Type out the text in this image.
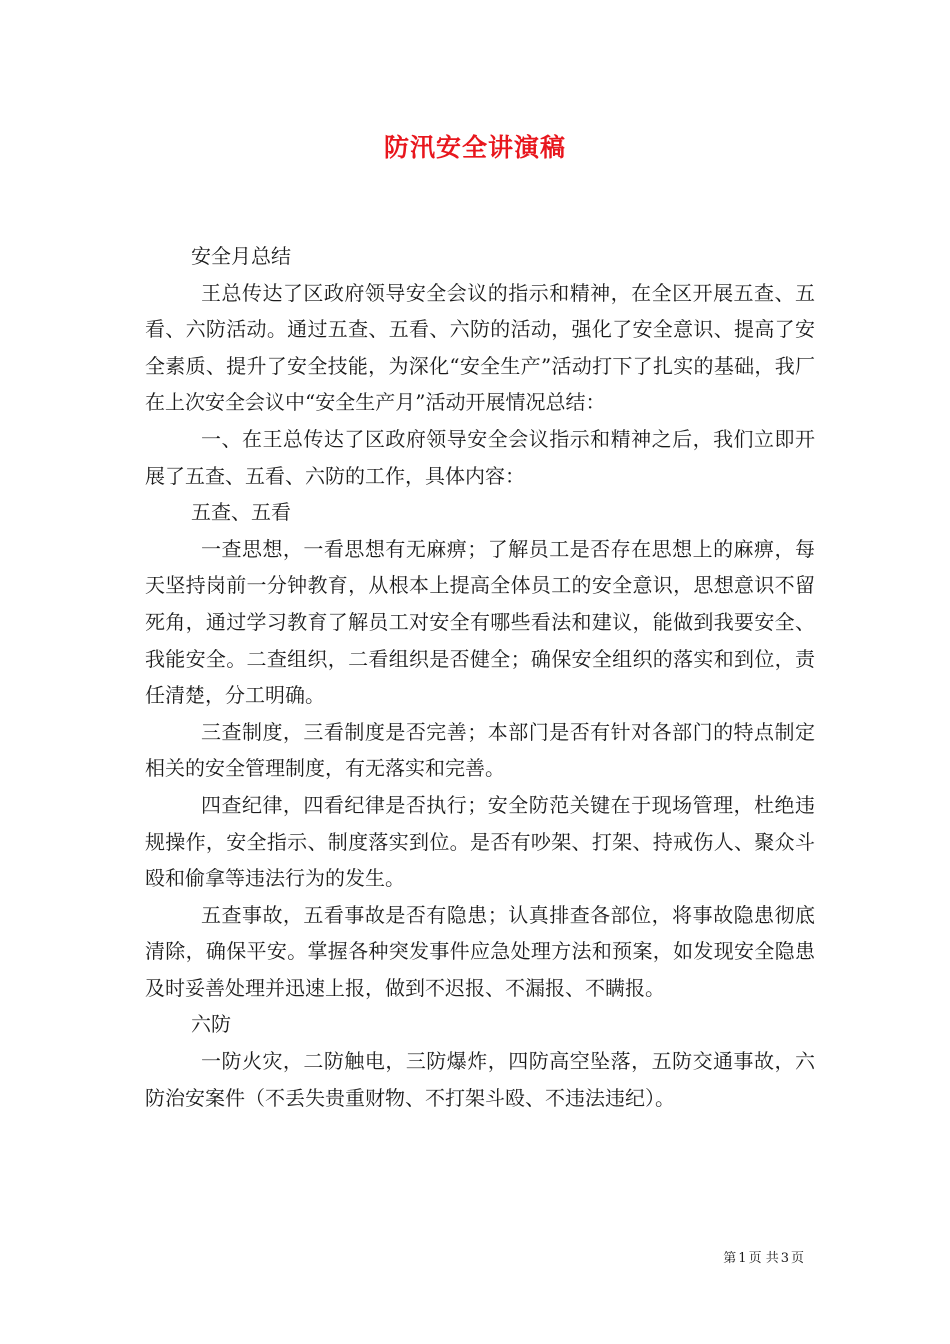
防汛安全讲演稿

安全月总结

王总传达了区政府领导安全会议的指示和精神，在全区开展五查、五看、六防活动。通过五查、五看、六防的活动，强化了安全意识、提高了安全素质、提升了安全技能，为深化“安全生产”活动打下了扎实的基础，我厂在上次安全会议中“安全生产月”活动开展情况总结：

一、在王总传达了区政府领导安全会议指示和精神之后，我们立即开展了五查、五看、六防的工作，具体内容：

五查、五看

一查思想，一看思想有无麻痹；了解员工是否存在思想上的麻痹，每天坚持岗前一分钟教育，从根本上提高全体员工的安全意识，思想意识不留死角，通过学习教育了解员工对安全有哪些看法和建议，能做到我要安全、我能安全。二查组织，二看组织是否健全；确保安全组织的落实和到位，责任清楚，分工明确。

三查制度，三看制度是否完善；本部门是否有针对各部门的特点制定相关的安全管理制度，有无落实和完善。

四查纪律，四看纪律是否执行；安全防范关键在于现场管理，杜绝违规操作，安全指示、制度落实到位。是否有吵架、打架、持戒伤人、聚众斗殴和偷拿等违法行为的发生。

五查事故，五看事故是否有隐患；认真排查各部位，将事故隐患彻底清除，确保平安。掌握各种突发事件应急处理方法和预案，如发现安全隐患及时妥善处理并迅速上报，做到不迟报、不漏报、不瞒报。

六防

一防火灾，二防触电，三防爆炸，四防高空坠落，五防交通事故，六防治安案件（不丢失贵重财物、不打架斗殴、不违法违纪）。

第 1 页 共 3 页
